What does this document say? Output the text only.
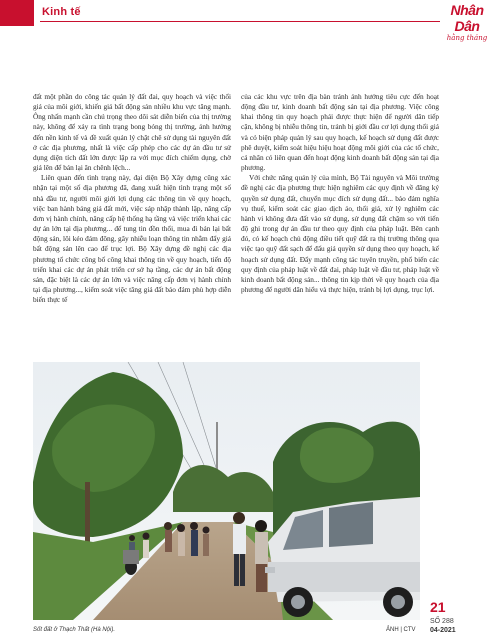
Kinh tế	Nhân Dân
hằng tháng

đất một phần do công tác quản lý đất đai, quy hoạch và việc thổi giá của môi giới, khiến giá bất động sản nhiều khu vực tăng mạnh. Ông nhấn mạnh cần chú trọng theo dõi sát diễn biến của thị trường này, không để xảy ra tình trạng bong bóng thị trường, ảnh hưởng đến nền kinh tế và đề xuất quản lý chặt chẽ sử dụng tài nguyên đất ở các địa phương, nhất là việc cấp phép cho các dự án đầu tư sử dụng diện tích đất lớn được lập ra với mục đích chiếm dụng, chờ giá lên để bán lại ăn chênh lệch...

Liên quan đến tình trạng này, đại diện Bộ Xây dựng cũng xác nhận tại một số địa phương đã, đang xuất hiện tình trạng một số nhà đầu tư, người môi giới lợi dụng các thông tin về quy hoạch, việc ban hành bảng giá đất mới, việc sáp nhập thành lập, nâng cấp đơn vị hành chính, nâng cấp hệ thống hạ tầng và việc triển khai các dự án lớn tại địa phương... để tung tin đồn thổi, mua đi bán lại bất động sản, lôi kéo đám đông, gây nhiễu loạn thông tin nhằm đẩy giá bất động sản lên cao để trục lợi. Bộ Xây dựng đề nghị các địa phương tổ chức công bố công khai thông tin về quy hoạch, tiến độ triển khai các dự án phát triển cơ sở hạ tầng, các dự án bất động sản, đặc biệt là các dự án lớn và việc nâng cấp đơn vị hành chính tại địa phương..., kiểm soát việc tăng giá đất bảo đảm phù hợp diễn biến thực tế

của các khu vực trên địa bàn tránh ảnh hưởng tiêu cực đến hoạt động đầu tư, kinh doanh bất động sản tại địa phương. Việc công khai thông tin quy hoạch phải được thực hiện để người dân tiếp cận, không bị nhiễu thông tin, tránh bị giới đầu cơ lợi dụng thổi giá và có biện pháp quản lý sau quy hoạch, kế hoạch sử dụng đất được phê duyệt, kiểm soát hiệu hiệu hoạt động môi giới của các tổ chức, cá nhân có liên quan đến hoạt động kinh doanh bất động sản tại địa phương.

Với chức năng quản lý của mình, Bộ Tài nguyên và Môi trường đề nghị các địa phương thực hiện nghiêm các quy định về đăng ký quyền sử dụng đất, chuyển mục đích sử dụng đất... bảo đảm nghĩa vụ thuế, kiểm soát các giao dịch ảo, thổi giá, xử lý nghiêm các hành vi không đưa đất vào sử dụng, sử dụng đất chậm so với tiến độ ghi trong dự án đầu tư theo quy định của pháp luật. Bên cạnh đó, có kế hoạch chủ động điều tiết quỹ đất ra thị trường thông qua việc tạo quỹ đất sạch để đấu giá quyền sử dụng theo quy hoạch, kế hoạch sử dụng đất. Đẩy mạnh công tác tuyên truyền, phổ biến các quy định của pháp luật về đất đai, pháp luật về đầu tư, pháp luật về kinh doanh bất động sản... thông tin kịp thời về quy hoạch của địa phương để người dân hiểu và thực hiện, tránh bị lợi dụng, trục lợi.

Sốt đất ở Thạch Thất (Hà Nội).	ẢNH | CTV
21
SỐ 288
04-2021
